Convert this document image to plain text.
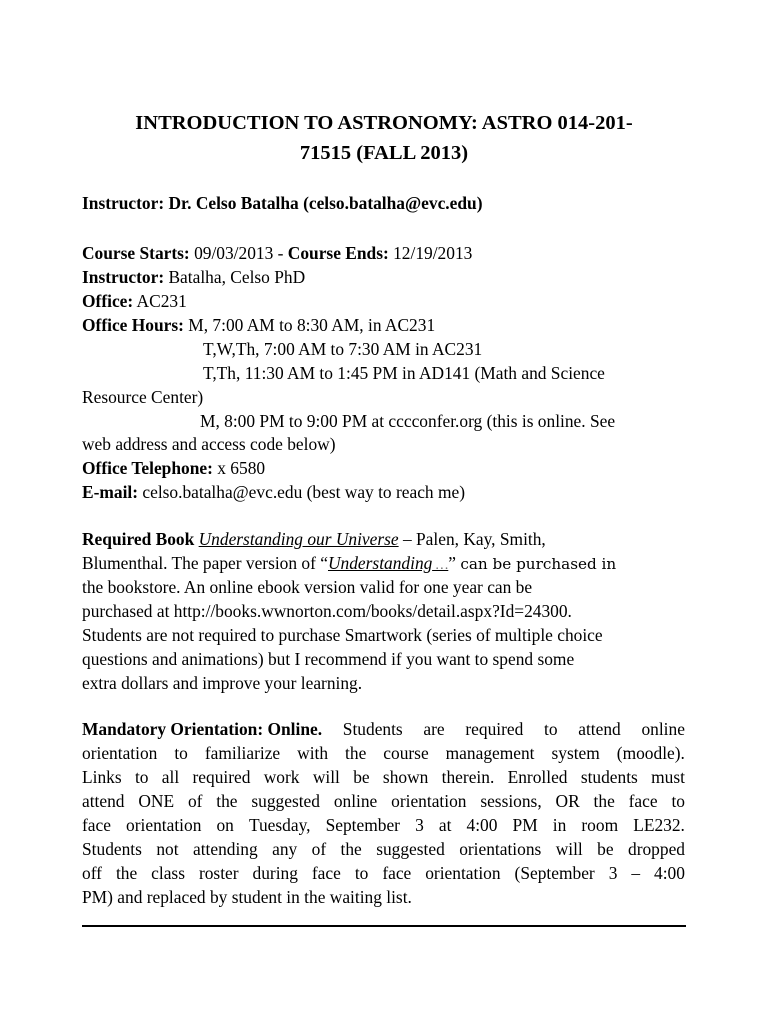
INTRODUCTION TO ASTRONOMY: ASTRO 014-201-
71515 (FALL 2013)
Instructor: Dr. Celso Batalha (celso.batalha@evc.edu)
Course Starts: 09/03/2013 - Course Ends: 12/19/2013
Instructor: Batalha, Celso PhD
Office: AC231
Office Hours: M, 7:00 AM to 8:30 AM, in AC231
T,W,Th, 7:00 AM to 7:30 AM in AC231
T,Th, 11:30 AM to 1:45 PM in AD141 (Math and Science
Resource Center)
M, 8:00 PM to 9:00 PM at cccconfer.org (this is online. See
web address and access code below)
Office Telephone: x 6580
E-mail: celso.batalha@evc.edu (best way to reach me)
Required Book Understanding our Universe – Palen, Kay, Smith,
Blumenthal. The paper version of “Understanding …” can be purchased in
the bookstore. An online ebook version valid for one year can be
purchased at http://books.wwnorton.com/books/detail.aspx?Id=24300.
Students are not required to purchase Smartwork (series of multiple choice
questions and animations) but I recommend if you want to spend some
extra dollars and improve your learning.
Mandatory Orientation: Online. Students are required to attend online
orientation to familiarize with the course management system (moodle).
Links to all required work will be shown therein. Enrolled students must
attend ONE of the suggested online orientation sessions, OR the face to
face orientation on Tuesday, September 3 at 4:00 PM in room LE232.
Students not attending any of the suggested orientations will be dropped
off the class roster during face to face orientation (September 3 – 4:00
PM) and replaced by student in the waiting list.
